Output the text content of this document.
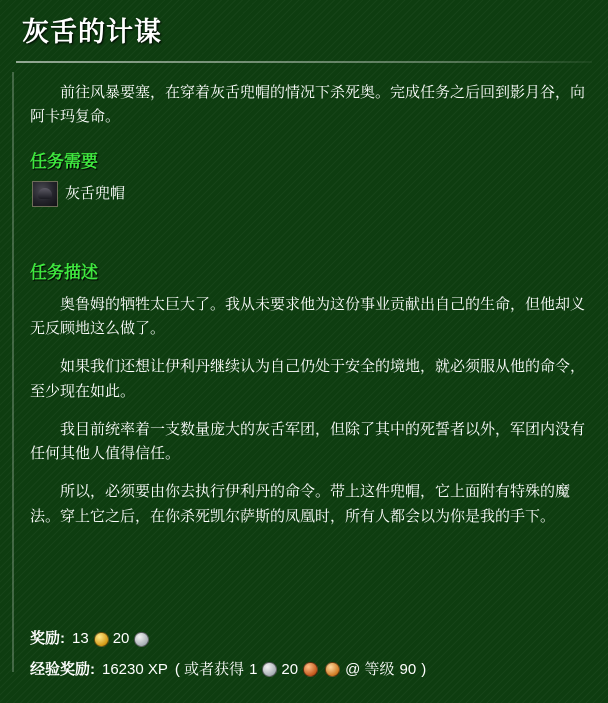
灰舌的计谋

前往风暴要塞，在穿着灰舌兜帽的情况下杀死奥。完成任务之后回到影月谷，向阿卡玛复命。

任务需要
灰舌兜帽
任务描述

奥鲁姆的牺牲太巨大了。我从未要求他为这份事业贡献出自己的生命，但他却义无反顾地这么做了。

如果我们还想让伊利丹继续认为自己仍处于安全的境地，就必须服从他的命令，至少现在如此。

我目前统率着一支数量庞大的灰舌军团，但除了其中的死誓者以外，军团内没有任何其他人值得信任。

所以，必须要由你去执行伊利丹的命令。带上这件兜帽，它上面附有特殊的魔法。穿上它之后，在你杀死凯尔萨斯的凤凰时，所有人都会以为你是我的手下。

奖励: 13 20
经验奖励: 16230 XP ( 或者获得 1 20	@ 等级 90 )
